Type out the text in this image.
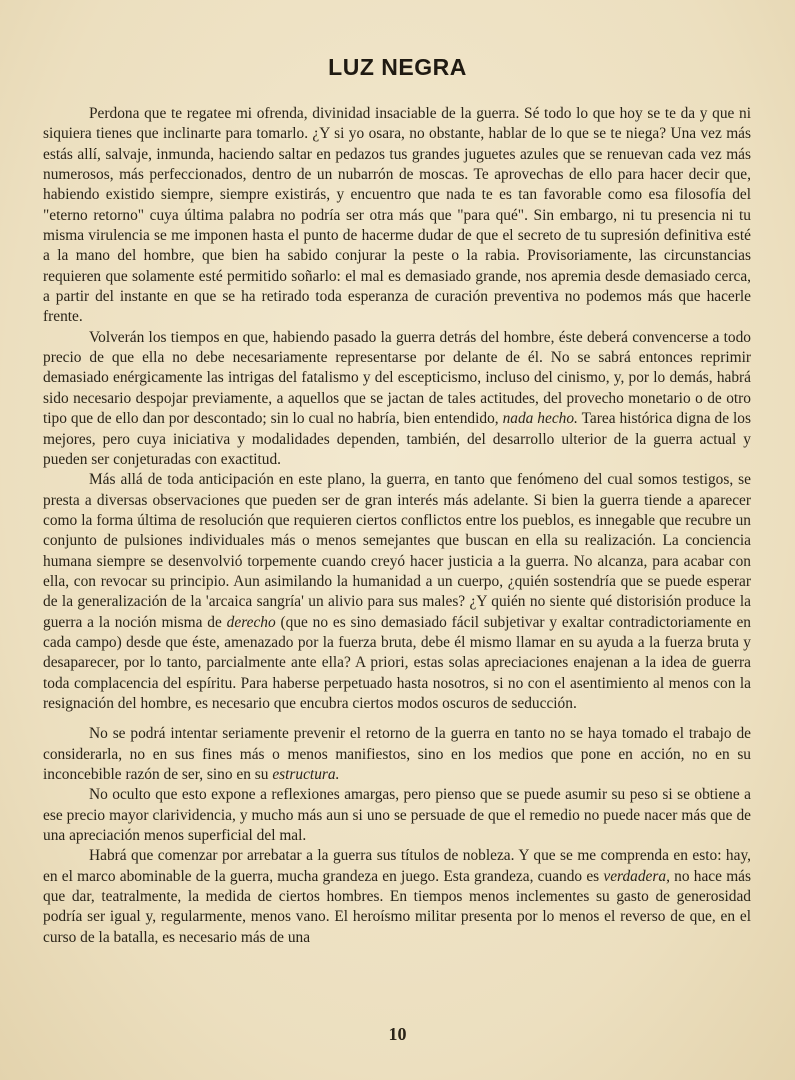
LUZ NEGRA

Perdona que te regatee mi ofrenda, divinidad insaciable de la guerra. Sé todo lo que hoy se te da y que ni siquiera tienes que inclinarte para tomarlo. ¿Y si yo osara, no obstante, hablar de lo que se te niega? Una vez más estás allí, salvaje, inmunda, haciendo saltar en pedazos tus grandes juguetes azules que se renuevan cada vez más numerosos, más perfeccionados, dentro de un nubarrón de moscas. Te aprovechas de ello para hacer decir que, habiendo existido siempre, siempre existirás, y encuentro que nada te es tan favorable como esa filosofía del "eterno retorno" cuya última palabra no podría ser otra más que "para qué". Sin embargo, ni tu presencia ni tu misma virulencia se me imponen hasta el punto de hacerme dudar de que el secreto de tu supresión definitiva esté a la mano del hombre, que bien ha sabido conjurar la peste o la rabia. Provisoriamente, las circunstancias requieren que solamente esté permitido soñarlo: el mal es demasiado grande, nos apremia desde demasiado cerca, a partir del instante en que se ha retirado toda esperanza de curación preventiva no podemos más que hacerle frente.

Volverán los tiempos en que, habiendo pasado la guerra detrás del hombre, éste deberá convencerse a todo precio de que ella no debe necesariamente representarse por delante de él. No se sabrá entonces reprimir demasiado enérgicamente las intrigas del fatalismo y del escepticismo, incluso del cinismo, y, por lo demás, habrá sido necesario despojar previamente, a aquellos que se jactan de tales actitudes, del provecho monetario o de otro tipo que de ello dan por descontado; sin lo cual no habría, bien entendido, nada hecho. Tarea histórica digna de los mejores, pero cuya iniciativa y modalidades dependen, también, del desarrollo ulterior de la guerra actual y pueden ser conjeturadas con exactitud.

Más allá de toda anticipación en este plano, la guerra, en tanto que fenómeno del cual somos testigos, se presta a diversas observaciones que pueden ser de gran interés más adelante. Si bien la guerra tiende a aparecer como la forma última de resolución que requieren ciertos conflictos entre los pueblos, es innegable que recubre un conjunto de pulsiones individuales más o menos semejantes que buscan en ella su realización. La conciencia humana siempre se desenvolvió torpemente cuando creyó hacer justicia a la guerra. No alcanza, para acabar con ella, con revocar su principio. Aun asimilando la humanidad a un cuerpo, ¿quién sostendría que se puede esperar de la generalización de la 'arcaica sangría' un alivio para sus males? ¿Y quién no siente qué distorisión produce la guerra a la noción misma de derecho (que no es sino demasiado fácil subjetivar y exaltar contradictoriamente en cada campo) desde que éste, amenazado por la fuerza bruta, debe él mismo llamar en su ayuda a la fuerza bruta y desaparecer, por lo tanto, parcialmente ante ella? A priori, estas solas apreciaciones enajenan a la idea de guerra toda complacencia del espíritu. Para haberse perpetuado hasta nosotros, si no con el asentimiento al menos con la resignación del hombre, es necesario que encubra ciertos modos oscuros de seducción.

No se podrá intentar seriamente prevenir el retorno de la guerra en tanto no se haya tomado el trabajo de considerarla, no en sus fines más o menos manifiestos, sino en los medios que pone en acción, no en su inconcebible razón de ser, sino en su estructura.

No oculto que esto expone a reflexiones amargas, pero pienso que se puede asumir su peso si se obtiene a ese precio mayor clarividencia, y mucho más aun si uno se persuade de que el remedio no puede nacer más que de una apreciación menos superficial del mal.

Habrá que comenzar por arrebatar a la guerra sus títulos de nobleza. Y que se me comprenda en esto: hay, en el marco abominable de la guerra, mucha grandeza en juego. Esta grandeza, cuando es verdadera, no hace más que dar, teatralmente, la medida de ciertos hombres. En tiempos menos inclementes su gasto de generosidad podría ser igual y, regularmente, menos vano. El heroísmo militar presenta por lo menos el reverso de que, en el curso de la batalla, es necesario más de una

10
